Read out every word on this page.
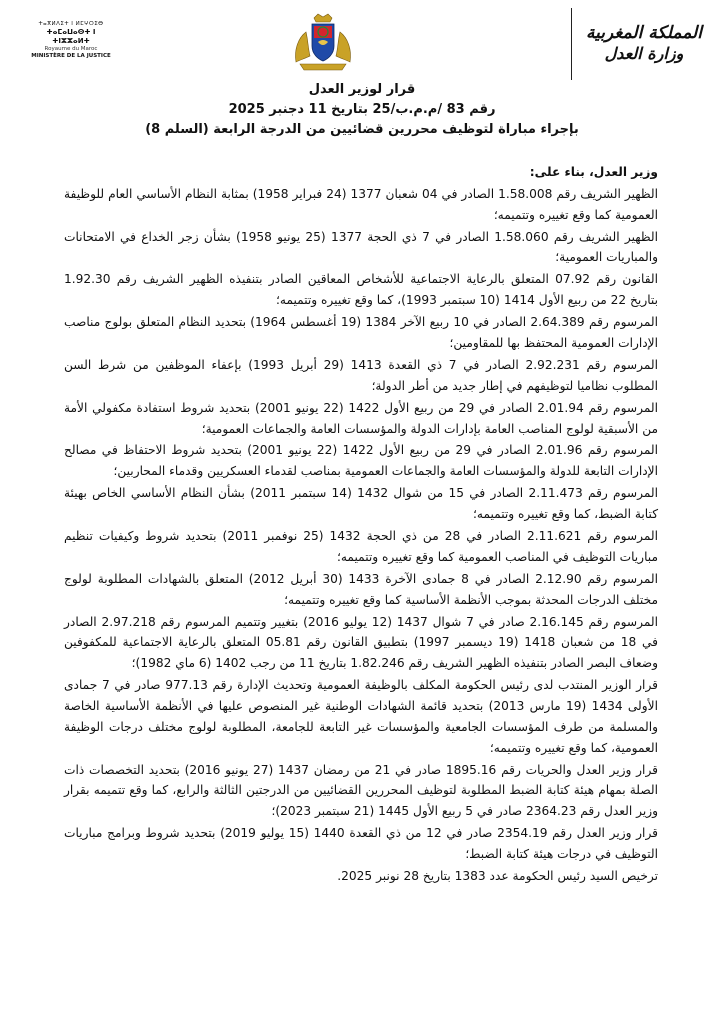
المملكة المغربية
وزارة العدل
ⵜⴰⴳⵍⴷⵉⵜ ⵏ ⵍⵎⵖⵔⵉⴱ
ⵜⴰⵎⴰⵡⴰⵙⵜ ⵏ ⵜⵏⵣⵣⴰⵍⵜ
Royaume du Maroc
MINISTÈRE DE LA JUSTICE
قرار لوزير العدل
رقم 83 /م.م.ب/25 بتاريخ 11 دجنبر 2025
بإجراء مباراة لتوظيف محررين قضائيين من الدرجة الرابعة (السلم 8)

وزير العدل، بناء على:

الظهير الشريف رقم 1.58.008 الصادر في 04 شعبان 1377 (24 فبراير 1958) بمثابة النظام الأساسي العام للوظيفة العمومية كما وقع تغييره وتتميمه؛

الظهير الشريف رقم 1.58.060 الصادر في 7 ذي الحجة 1377 (25 يونيو 1958) بشأن زجر الخداع في الامتحانات والمباريات العمومية؛

القانون رقم 07.92 المتعلق بالرعاية الاجتماعية للأشخاص المعاقين الصادر بتنفيذه الظهير الشريف رقم 1.92.30 بتاريخ 22 من ربيع الأول 1414 (10 سبتمبر 1993)، كما وقع تغييره وتتميمه؛

المرسوم رقم 2.64.389 الصادر في 10 ربيع الآخر 1384 (19 أغسطس 1964) بتحديد النظام المتعلق بولوج مناصب الإدارات العمومية المحتفظ بها للمقاومين؛

المرسوم رقم 2.92.231 الصادر في 7 ذي القعدة 1413 (29 أبريل 1993) بإعفاء الموظفين من شرط السن المطلوب نظاميا لتوظيفهم في إطار جديد من أطر الدولة؛

المرسوم رقم 2.01.94 الصادر في 29 من ربيع الأول 1422 (22 يونيو 2001) بتحديد شروط استفادة مكفولي الأمة من الأسبقية لولوج المناصب العامة بإدارات الدولة والمؤسسات العامة والجماعات العمومية؛

المرسوم رقم 2.01.96 الصادر في 29 من ربيع الأول 1422 (22 يونيو 2001) بتحديد شروط الاحتفاظ في مصالح الإدارات التابعة للدولة والمؤسسات العامة والجماعات العمومية بمناصب لقدماء العسكريين وقدماء المحاربين؛

المرسوم رقم 2.11.473 الصادر في 15 من شوال 1432 (14 سبتمبر 2011) بشأن النظام الأساسي الخاص بهيئة كتابة الضبط، كما وقع تغييره وتتميمه؛

المرسوم رقم 2.11.621 الصادر في 28 من ذي الحجة 1432 (25 نوفمبر 2011) بتحديد شروط وكيفيات تنظيم مباريات التوظيف في المناصب العمومية كما وقع تغييره وتتميمه؛

المرسوم رقم 2.12.90 الصادر في 8 جمادى الآخرة 1433 (30 أبريل 2012) المتعلق بالشهادات المطلوبة لولوج مختلف الدرجات المحدثة بموجب الأنظمة الأساسية كما وقع تغييره وتتميمه؛

المرسوم رقم 2.16.145 صادر في 7 شوال 1437 (12 يوليو 2016) بتغيير وتتميم المرسوم رقم 2.97.218 الصادر في 18 من شعبان 1418 (19 ديسمبر 1997) بتطبيق القانون رقم 05.81 المتعلق بالرعاية الاجتماعية للمكفوفين وضعاف البصر الصادر بتنفيذه الظهير الشريف رقم 1.82.246 بتاريخ 11 من رجب 1402 (6 ماي 1982)؛

قرار الوزير المنتدب لدى رئيس الحكومة المكلف بالوظيفة العمومية وتحديث الإدارة رقم 977.13 صادر في 7 جمادى الأولى 1434 (19 مارس 2013) بتحديد قائمة الشهادات الوطنية غير المنصوص عليها في الأنظمة الأساسية الخاصة والمسلمة من طرف المؤسسات الجامعية والمؤسسات غير التابعة للجامعة، المطلوبة لولوج مختلف درجات الوظيفة العمومية، كما وقع تغييره وتتميمه؛

قرار وزير العدل والحريات رقم 1895.16 صادر في 21 من رمضان 1437 (27 يونيو 2016) بتحديد التخصصات ذات الصلة بمهام هيئة كتابة الضبط المطلوبة لتوظيف المحررين القضائيين من الدرجتين الثالثة والرابع، كما وقع تتميمه بقرار وزير العدل رقم 2364.23 صادر في 5 ربيع الأول 1445 (21 سبتمبر 2023)؛

قرار وزير العدل رقم 2354.19 صادر في 12 من ذي القعدة 1440 (15 يوليو 2019) بتحديد شروط وبرامج مباريات التوظيف في درجات هيئة كتابة الضبط؛

ترخيص السيد رئيس الحكومة عدد 1383 بتاريخ 28 نونبر 2025.
